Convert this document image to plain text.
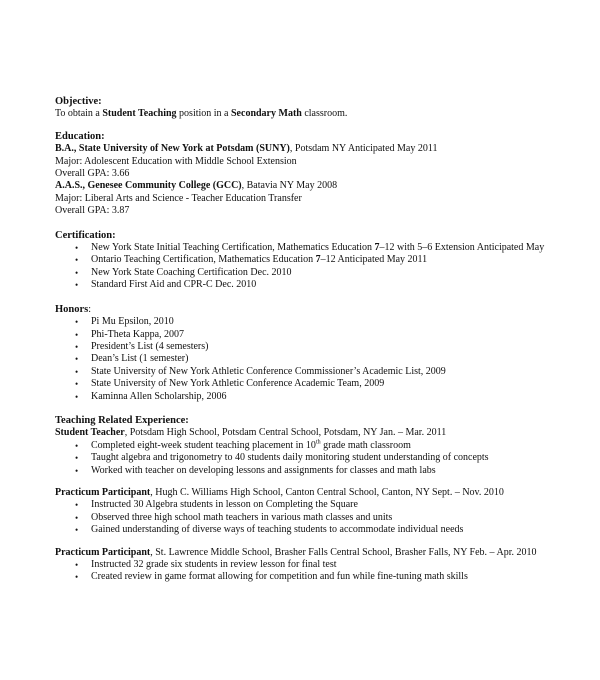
Objective:
To obtain a Student Teaching position in a Secondary Math classroom.
Education:
B.A., State University of New York at Potsdam (SUNY), Potsdam NY Anticipated May 2011
Major: Adolescent Education with Middle School Extension
Overall GPA: 3.66
A.A.S., Genesee Community College (GCC), Batavia NY May 2008
Major: Liberal Arts and Science - Teacher Education Transfer
Overall GPA: 3.87
Certification:
• New York State Initial Teaching Certification, Mathematics Education 7–12 with 5–6 Extension Anticipated May
• Ontario Teaching Certification, Mathematics Education 7–12 Anticipated May 2011
• New York State Coaching Certification Dec. 2010
• Standard First Aid and CPR-C Dec. 2010
Honors:
• Pi Mu Epsilon, 2010
• Phi-Theta Kappa, 2007
• President’s List (4 semesters)
• Dean’s List (1 semester)
• State University of New York Athletic Conference Commissioner’s Academic List, 2009
• State University of New York Athletic Conference Academic Team, 2009
• Kaminna Allen Scholarship, 2006
Teaching Related Experience:
Student Teacher, Potsdam High School, Potsdam Central School, Potsdam, NY Jan. – Mar. 2011
• Completed eight-week student teaching placement in 10th grade math classroom
• Taught algebra and trigonometry to 40 students daily monitoring student understanding of concepts
• Worked with teacher on developing lessons and assignments for classes and math labs
Practicum Participant, Hugh C. Williams High School, Canton Central School, Canton, NY Sept. – Nov. 2010
• Instructed 30 Algebra students in lesson on Completing the Square
• Observed three high school math teachers in various math classes and units
• Gained understanding of diverse ways of teaching students to accommodate individual needs
Practicum Participant, St. Lawrence Middle School, Brasher Falls Central School, Brasher Falls, NY Feb. – Apr. 2010
• Instructed 32 grade six students in review lesson for final test
• Created review in game format allowing for competition and fun while fine-tuning math skills
